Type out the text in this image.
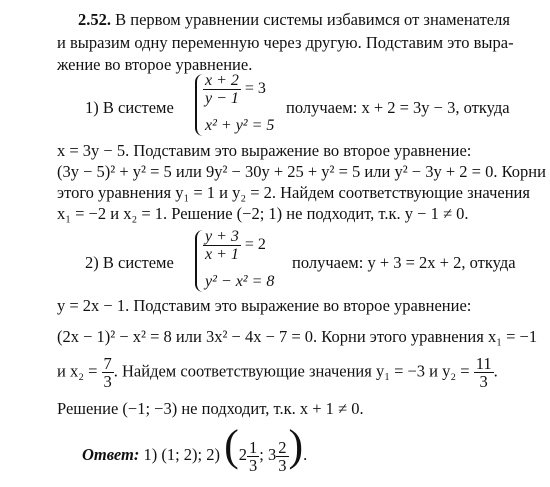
2.52. В первом уравнении системы избавимся от знаменателя
и выразим одну переменную через другую. Подставим это выра-
жение во второе уравнение.
1) В системе
$\frac{x + 2}{y - 1} = 3$
x² + y² = 5
получаем: x + 2 = 3y − 3, откуда
x = 3y − 5. Подставим это выражение во второе уравнение:
(3y − 5)² + y² = 5 или 9y² − 30y + 25 + y² = 5 или y² − 3y + 2 = 0. Корни
этого уравнения y₁ = 1 и y₂ = 2. Найдем соответствующие значения
x₁ = −2 и x₂ = 1. Решение (−2; 1) не подходит, т.к. y − 1 ≠ 0.
2) В системе $\frac{y + 3}{x + 1} = 2$
y² − x² = 8
получаем: y + 3 = 2x + 2, откуда
y = 2x − 1. Подставим это выражение во второе уравнение:
(2x − 1)² − x² = 8 или 3x² − 4x − 7 = 0. Корни этого уравнения x₁ = −1
и $x_2 = \frac{7}{3}$ . Найдем соответствующие значения y₁ = −3 и $y_2 = \frac{11}{3}$ .
Решение (−1; −3) не подходит, т.к. x + 1 ≠ 0.
Ответ: 1) (1; 2); 2) ($2 \frac{1}{3}$ ; $3 \frac{2}{3}$ ).
